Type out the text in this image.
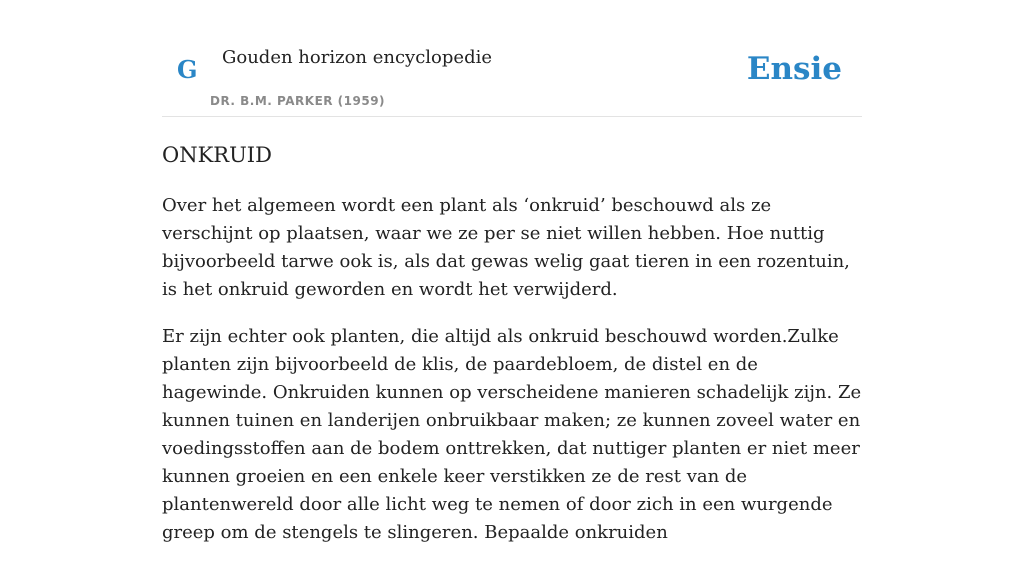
G Gouden horizon encyclopedie
DR. B.M. PARKER (1959)
Ensie
ONKRUID

Over het algemeen wordt een plant als ‘onkruid’ beschouwd als ze verschijnt op plaatsen, waar we ze per se niet willen hebben. Hoe nuttig bijvoorbeeld tarwe ook is, als dat gewas welig gaat tieren in een rozentuin, is het onkruid geworden en wordt het verwijderd.

Er zijn echter ook planten, die altijd als onkruid beschouwd worden.Zulke planten zijn bijvoorbeeld de klis, de paardebloem, de distel en de hagewinde. Onkruiden kunnen op verscheidene manieren schadelijk zijn. Ze kunnen tuinen en landerijen onbruikbaar maken; ze kunnen zoveel water en voedingsstoffen aan de bodem onttrekken, dat nuttiger planten er niet meer kunnen groeien en een enkele keer verstikken ze de rest van de plantenwereld door alle licht weg te nemen of door zich in een wurgende greep om de stengels te slingeren. Bepaalde onkruiden
